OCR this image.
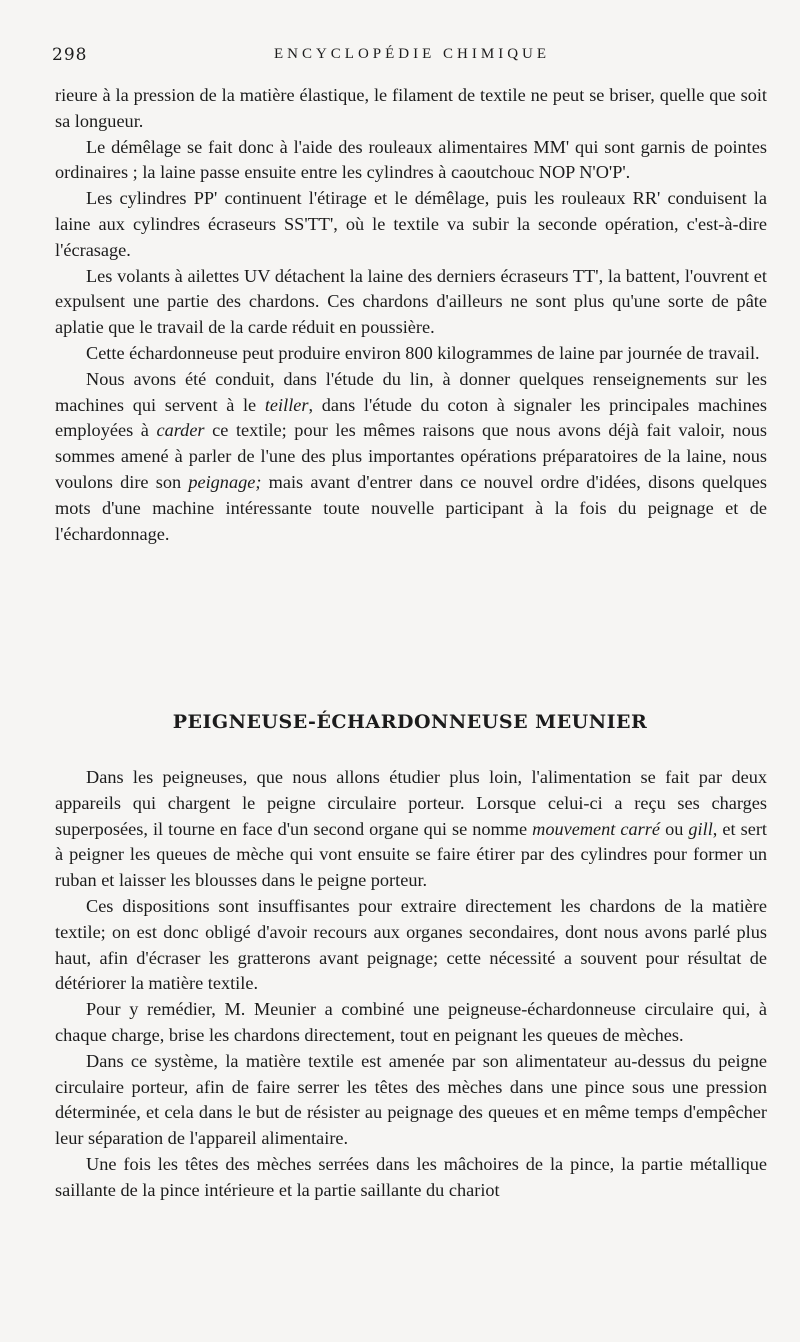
298	ENCYCLOPÉDIE CHIMIQUE

rieure à la pression de la matière élastique, le filament de textile ne peut se briser, quelle que soit sa longueur.

Le démêlage se fait donc à l'aide des rouleaux alimentaires MM' qui sont garnis de pointes ordinaires ; la laine passe ensuite entre les cylindres à caoutchouc NOP N'O'P'.

Les cylindres PP' continuent l'étirage et le démêlage, puis les rouleaux RR' conduisent la laine aux cylindres écraseurs SS'TT', où le textile va subir la seconde opération, c'est-à-dire l'écrasage.

Les volants à ailettes UV détachent la laine des derniers écraseurs TT', la battent, l'ouvrent et expulsent une partie des chardons. Ces chardons d'ailleurs ne sont plus qu'une sorte de pâte aplatie que le travail de la carde réduit en poussière.

Cette échardonneuse peut produire environ 800 kilogrammes de laine par journée de travail.

Nous avons été conduit, dans l'étude du lin, à donner quelques renseignements sur les machines qui servent à le teiller, dans l'étude du coton à signaler les principales machines employées à carder ce textile; pour les mêmes raisons que nous avons déjà fait valoir, nous sommes amené à parler de l'une des plus importantes opérations préparatoires de la laine, nous voulons dire son peignage; mais avant d'entrer dans ce nouvel ordre d'idées, disons quelques mots d'une machine intéressante toute nouvelle participant à la fois du peignage et de l'échardonnage.

PEIGNEUSE-ÉCHARDONNEUSE MEUNIER

Dans les peigneuses, que nous allons étudier plus loin, l'alimentation se fait par deux appareils qui chargent le peigne circulaire porteur. Lorsque celui-ci a reçu ses charges superposées, il tourne en face d'un second organe qui se nomme mouvement carré ou gill, et sert à peigner les queues de mèche qui vont ensuite se faire étirer par des cylindres pour former un ruban et laisser les blousses dans le peigne porteur.

Ces dispositions sont insuffisantes pour extraire directement les chardons de la matière textile; on est donc obligé d'avoir recours aux organes secondaires, dont nous avons parlé plus haut, afin d'écraser les gratterons avant peignage; cette nécessité a souvent pour résultat de détériorer la matière textile.

Pour y remédier, M. Meunier a combiné une peigneuse-échardonneuse circulaire qui, à chaque charge, brise les chardons directement, tout en peignant les queues de mèches.

Dans ce système, la matière textile est amenée par son alimentateur au-dessus du peigne circulaire porteur, afin de faire serrer les têtes des mèches dans une pince sous une pression déterminée, et cela dans le but de résister au peignage des queues et en même temps d'empêcher leur séparation de l'appareil alimentaire.

Une fois les têtes des mèches serrées dans les mâchoires de la pince, la partie métallique saillante de la pince intérieure et la partie saillante du chariot
